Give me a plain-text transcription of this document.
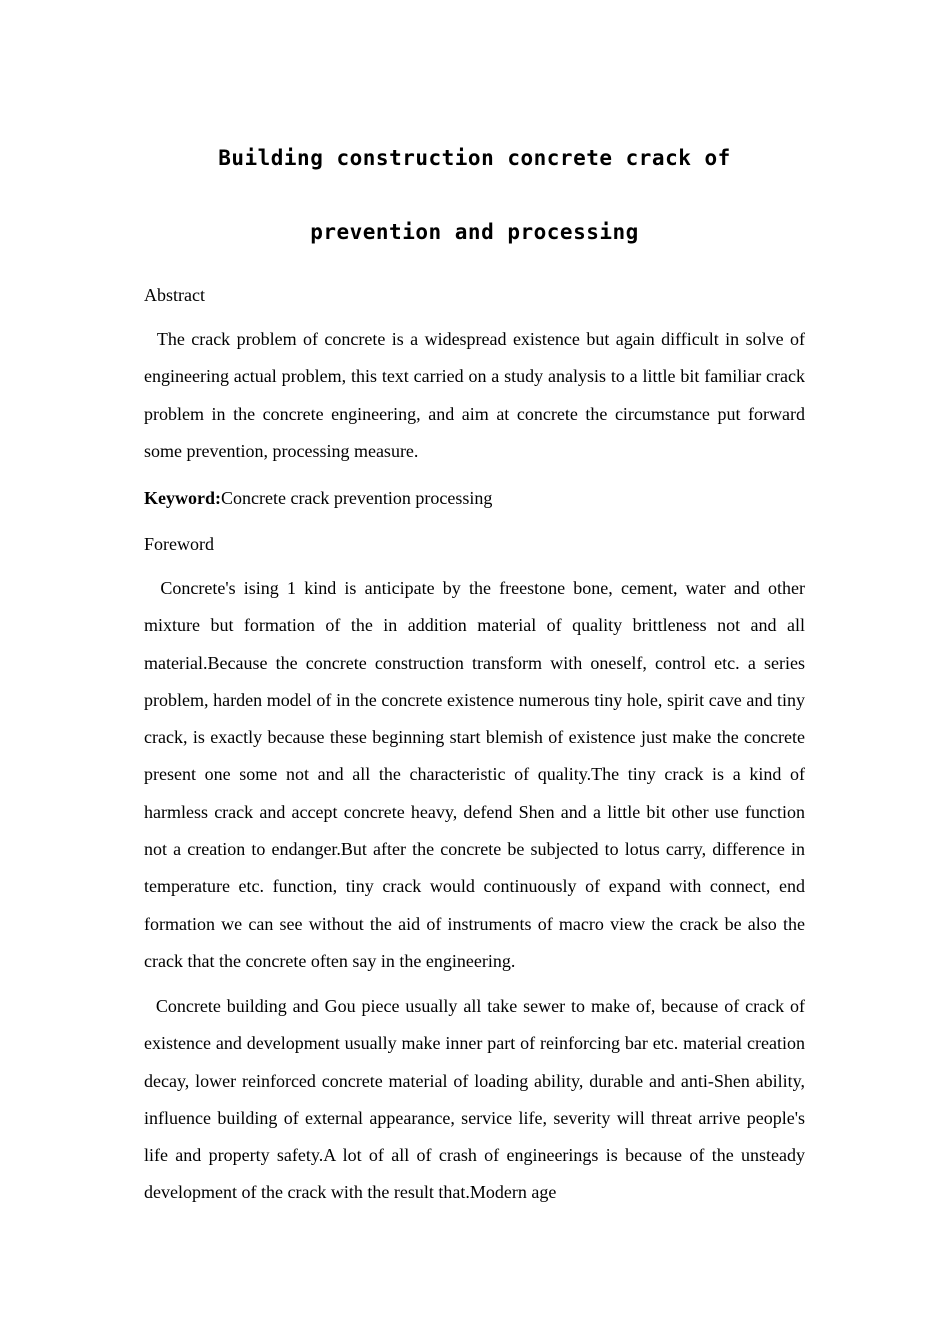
Building construction concrete crack of
prevention and processing

Abstract

The crack problem of concrete is a widespread existence but again difficult in solve of engineering actual problem, this text carried on a study analysis to a little bit familiar crack problem in the concrete engineering, and aim at concrete the circumstance put forward some prevention, processing measure.

Keyword:Concrete crack prevention processing

Foreword

Concrete's ising 1 kind is anticipate by the freestone bone, cement, water and other mixture but formation of the in addition material of quality brittleness not and all material.Because the concrete construction transform with oneself, control etc. a series problem, harden model of in the concrete existence numerous tiny hole, spirit cave and tiny crack, is exactly because these beginning start blemish of existence just make the concrete present one some not and all the characteristic of quality.The tiny crack is a kind of harmless crack and accept concrete heavy, defend Shen and a little bit other use function not a creation to endanger.But after the concrete be subjected to lotus carry, difference in temperature etc. function, tiny crack would continuously of expand with connect, end formation we can see without the aid of instruments of macro view the crack be also the crack that the concrete often say in the engineering.

Concrete building and Gou piece usually all take sewer to make of, because of crack of existence and development usually make inner part of reinforcing bar etc. material creation decay, lower reinforced concrete material of loading ability, durable and anti-Shen ability, influence building of external appearance, service life, severity will threat arrive people's life and property safety.A lot of all of crash of engineerings is because of the unsteady development of the crack with the result that.Modern age
